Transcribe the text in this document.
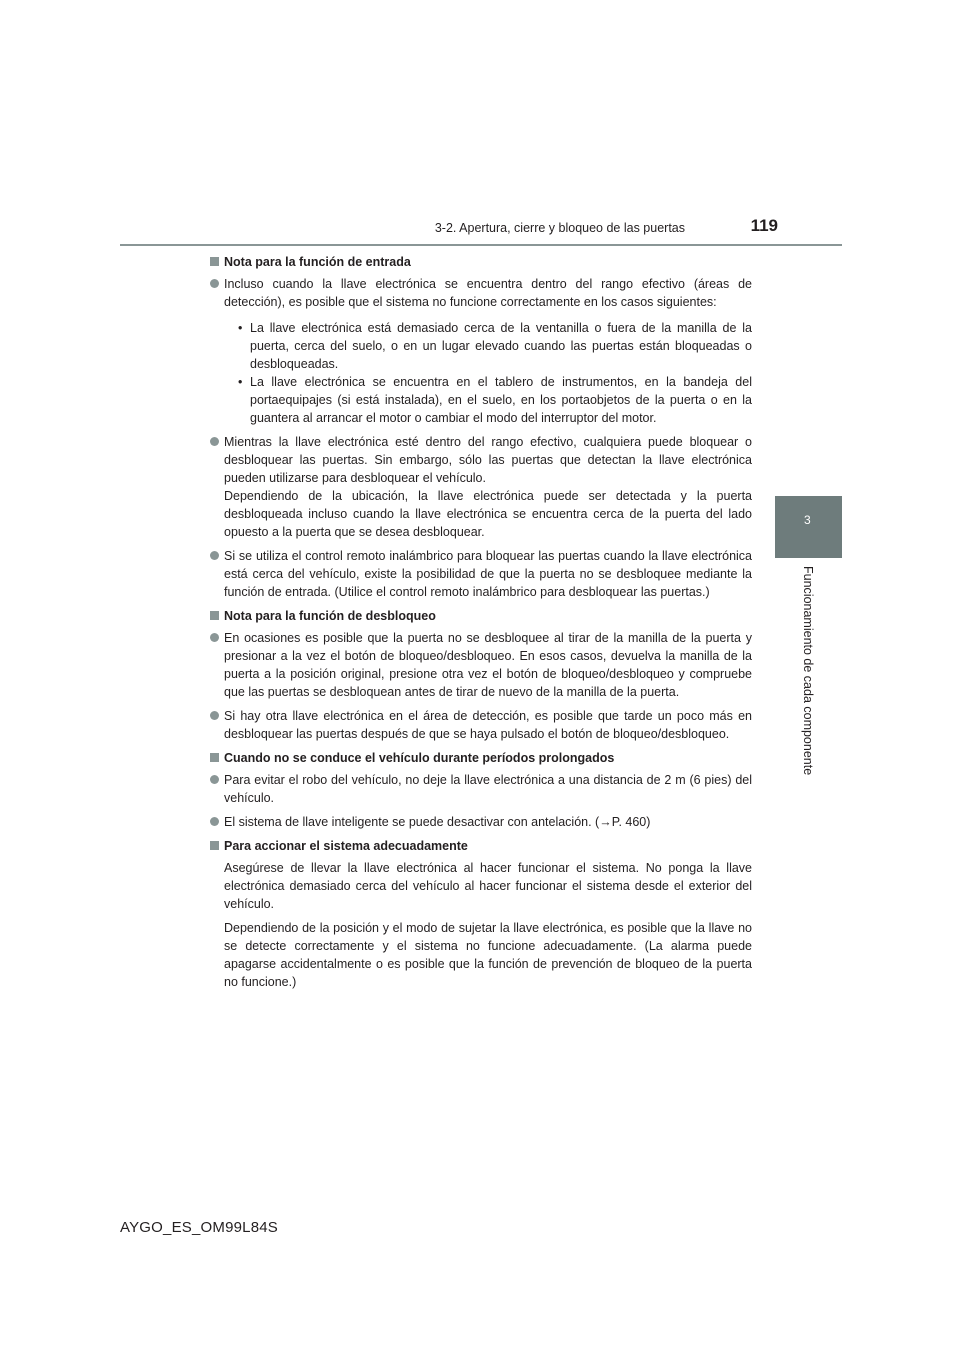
3-2. Apertura, cierre y bloqueo de las puertas	119
3
Funcionamiento de cada componente
Nota para la función de entrada
Incluso cuando la llave electrónica se encuentra dentro del rango efectivo (áreas de detección), es posible que el sistema no funcione correctamente en los casos siguientes:
• La llave electrónica está demasiado cerca de la ventanilla o fuera de la manilla de la puerta, cerca del suelo, o en un lugar elevado cuando las puertas están bloqueadas o desbloqueadas.
• La llave electrónica se encuentra en el tablero de instrumentos, en la bandeja del portaequipajes (si está instalada), en el suelo, en los portaobjetos de la puerta o en la guantera al arrancar el motor o cambiar el modo del interruptor del motor.
Mientras la llave electrónica esté dentro del rango efectivo, cualquiera puede bloquear o desbloquear las puertas. Sin embargo, sólo las puertas que detectan la llave electrónica pueden utilizarse para desbloquear el vehículo.
Dependiendo de la ubicación, la llave electrónica puede ser detectada y la puerta desbloqueada incluso cuando la llave electrónica se encuentra cerca de la puerta del lado opuesto a la puerta que se desea desbloquear.
Si se utiliza el control remoto inalámbrico para bloquear las puertas cuando la llave electrónica está cerca del vehículo, existe la posibilidad de que la puerta no se desbloquee mediante la función de entrada. (Utilice el control remoto inalámbrico para desbloquear las puertas.)
Nota para la función de desbloqueo
En ocasiones es posible que la puerta no se desbloquee al tirar de la manilla de la puerta y presionar a la vez el botón de bloqueo/desbloqueo. En esos casos, devuelva la manilla de la puerta a la posición original, presione otra vez el botón de bloqueo/desbloqueo y compruebe que las puertas se desbloquean antes de tirar de nuevo de la manilla de la puerta.
Si hay otra llave electrónica en el área de detección, es posible que tarde un poco más en desbloquear las puertas después de que se haya pulsado el botón de bloqueo/desbloqueo.
Cuando no se conduce el vehículo durante períodos prolongados
Para evitar el robo del vehículo, no deje la llave electrónica a una distancia de 2 m (6 pies) del vehículo.
El sistema de llave inteligente se puede desactivar con antelación. (→P. 460)
Para accionar el sistema adecuadamente
Asegúrese de llevar la llave electrónica al hacer funcionar el sistema. No ponga la llave electrónica demasiado cerca del vehículo al hacer funcionar el sistema desde el exterior del vehículo.
Dependiendo de la posición y el modo de sujetar la llave electrónica, es posible que la llave no se detecte correctamente y el sistema no funcione adecuadamente. (La alarma puede apagarse accidentalmente o es posible que la función de prevención de bloqueo de la puerta no funcione.)
AYGO_ES_OM99L84S
